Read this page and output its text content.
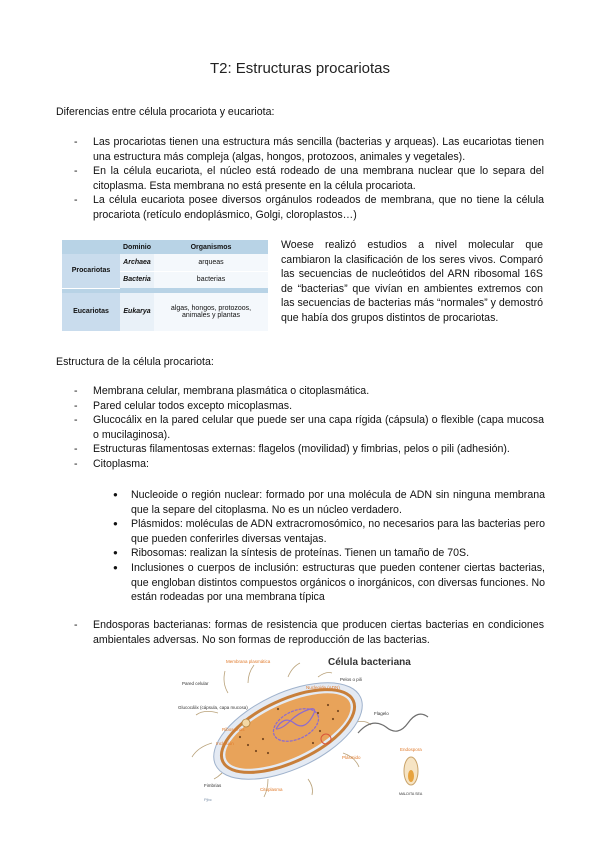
T2: Estructuras procariotas
Diferencias entre célula procariota y eucariota:
- Las procariotas tienen una estructura más sencilla (bacterias y arqueas). Las eucariotas tienen una estructura más compleja (algas, hongos, protozoos, animales y vegetales).
- En la célula eucariota, el núcleo está rodeado de una membrana nuclear que lo separa del citoplasma. Esta membrana no está presente en la célula procariota.
- La célula eucariota posee diversos orgánulos rodeados de membrana, que no tiene la célula procariota (retículo endoplásmico, Golgi, cloroplastos…)
	Dominio	Organismos
Procariotas	Archaea	arqueas
	Bacteria	bacterias

Eucariotas	Eukarya	algas, hongos, protozoos, animales y plantas
Woese realizó estudios a nivel molecular que cambiaron la clasificación de los seres vivos. Comparó las secuencias de nucleótidos del ARN ribosomal 16S de “bacterias” que vivían en ambientes extremos con las secuencias de bacterias más “normales” y demostró que había dos grupos distintos de procariotas.
Estructura de la célula procariota:
- Membrana celular, membrana plasmática o citoplasmática.
- Pared celular todos excepto micoplasmas.
- Glucocálix en la pared celular que puede ser una capa rígida (cápsula) o flexible (capa mucosa o mucilaginosa).
- Estructuras filamentosas externas: flagelos (movilidad) y fimbrias, pelos o pili (adhesión).
- Citoplasma:
● Nucleoide o región nuclear: formado por una molécula de ADN sin ninguna membrana que la separe del citoplasma. No es un núcleo verdadero.
● Plásmidos: moléculas de ADN extracromosómico, no necesarios para las bacterias pero que pueden conferirles diversas ventajas.
● Ribosomas: realizan la síntesis de proteínas. Tienen un tamaño de 70S.
● Inclusiones o cuerpos de inclusión: estructuras que pueden contener ciertas bacterias, que engloban distintos compuestos orgánicos o inorgánicos, con diversas funciones. No están rodeadas por una membrana típica
- Endosporas bacterianas: formas de resistencia que producen ciertas bacterias en condiciones ambientales adversas. No son formas de reproducción de las bacterias.
Célula bacteriana
Membrana plasmática
Pared celular
Glucocálix (cápsula, capa mucosa)
Ribosomas
Inclusión
Nucleoide (ADN)
Pelos o pili
Flagelo
Plásmido
Citoplasma
Fimbrias
Endospora
MALDITA SEA
Pjbc
